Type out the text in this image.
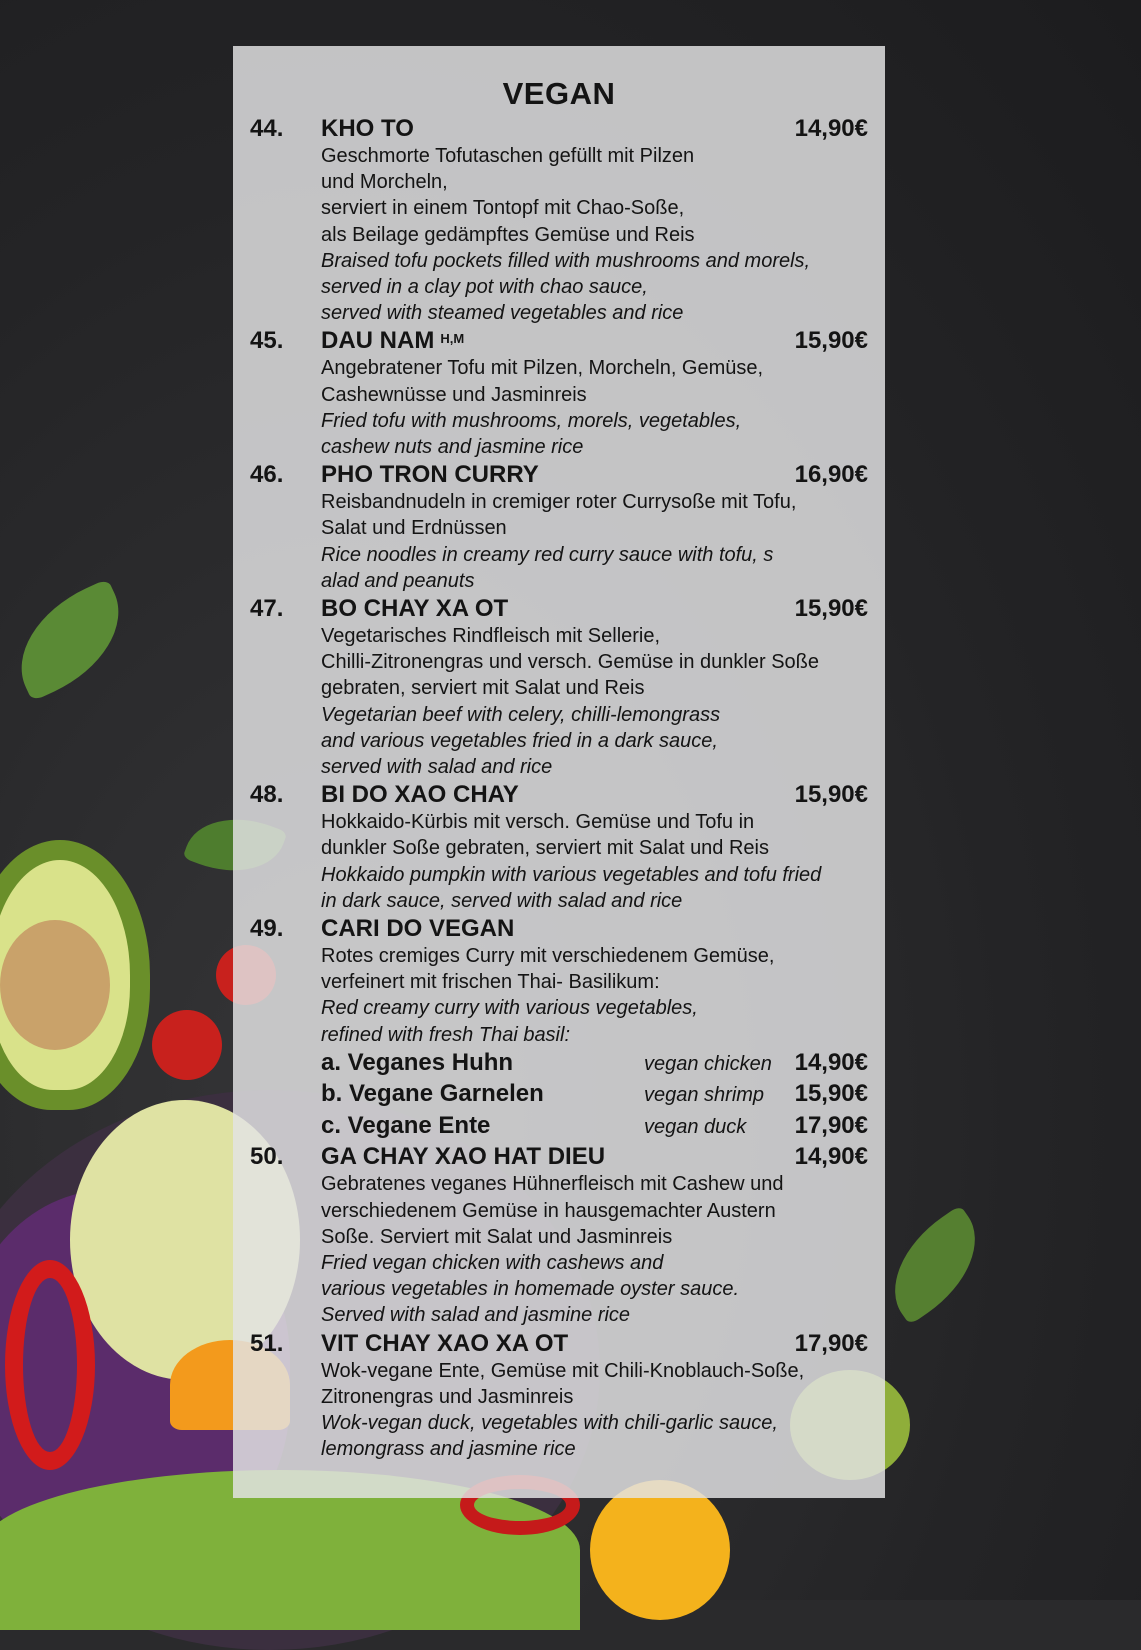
VEGAN
44.	KHO TO	14,90€
Geschmorte Tofutaschen gefüllt mit Pilzen
und Morcheln,
serviert in einem Tontopf mit Chao-Soße,
als Beilage gedämpftes Gemüse und Reis
Braised tofu pockets filled with mushrooms and morels,
served in a clay pot with chao sauce,
served with steamed vegetables and rice
45.	DAU NAM $^{H,M}$	15,90€
Angebratener Tofu mit Pilzen, Morcheln, Gemüse,
Cashewnüsse und Jasminreis
Fried tofu with mushrooms, morels, vegetables,
cashew nuts and jasmine rice
46.	PHO TRON CURRY	16,90€
Reisbandnudeln in cremiger roter Currysoße mit Tofu,
Salat und Erdnüssen
Rice noodles in creamy red curry sauce with tofu, s
alad and peanuts
47.	BO CHAY XA OT	15,90€
Vegetarisches Rindfleisch mit Sellerie,
Chilli-Zitronengras und versch. Gemüse in dunkler Soße
gebraten, serviert mit Salat und Reis
Vegetarian beef with celery, chilli-lemongrass
and various vegetables fried in a dark sauce,
served with salad and rice
48.	BI DO XAO CHAY	15,90€
Hokkaido-Kürbis mit versch. Gemüse und Tofu in
dunkler Soße gebraten, serviert mit Salat und Reis
Hokkaido pumpkin with various vegetables and tofu fried
in dark sauce, served with salad and rice
49.	CARI DO VEGAN
Rotes cremiges Curry mit verschiedenem Gemüse,
verfeinert mit frischen Thai- Basilikum:
Red creamy curry with various vegetables,
refined with fresh Thai basil:
a. Veganes Huhn	vegan chicken 14,90€
b. Vegane Garnelen	vegan shrimp	15,90€
c. Vegane Ente	vegan duck	17,90€
50.	GA CHAY XAO HAT DIEU	14,90€
Gebratenes veganes Hühnerfleisch mit Cashew und
verschiedenem Gemüse in hausgemachter Austern
Soße. Serviert mit Salat und Jasminreis
Fried vegan chicken with cashews and
various vegetables in homemade oyster sauce.
Served with salad and jasmine rice
51.	VIT CHAY XAO XA OT	17,90€
Wok-vegane Ente, Gemüse mit Chili-Knoblauch-Soße,
Zitronengras und Jasminreis
Wok-vegan duck, vegetables with chili-garlic sauce,
lemongrass and jasmine rice
